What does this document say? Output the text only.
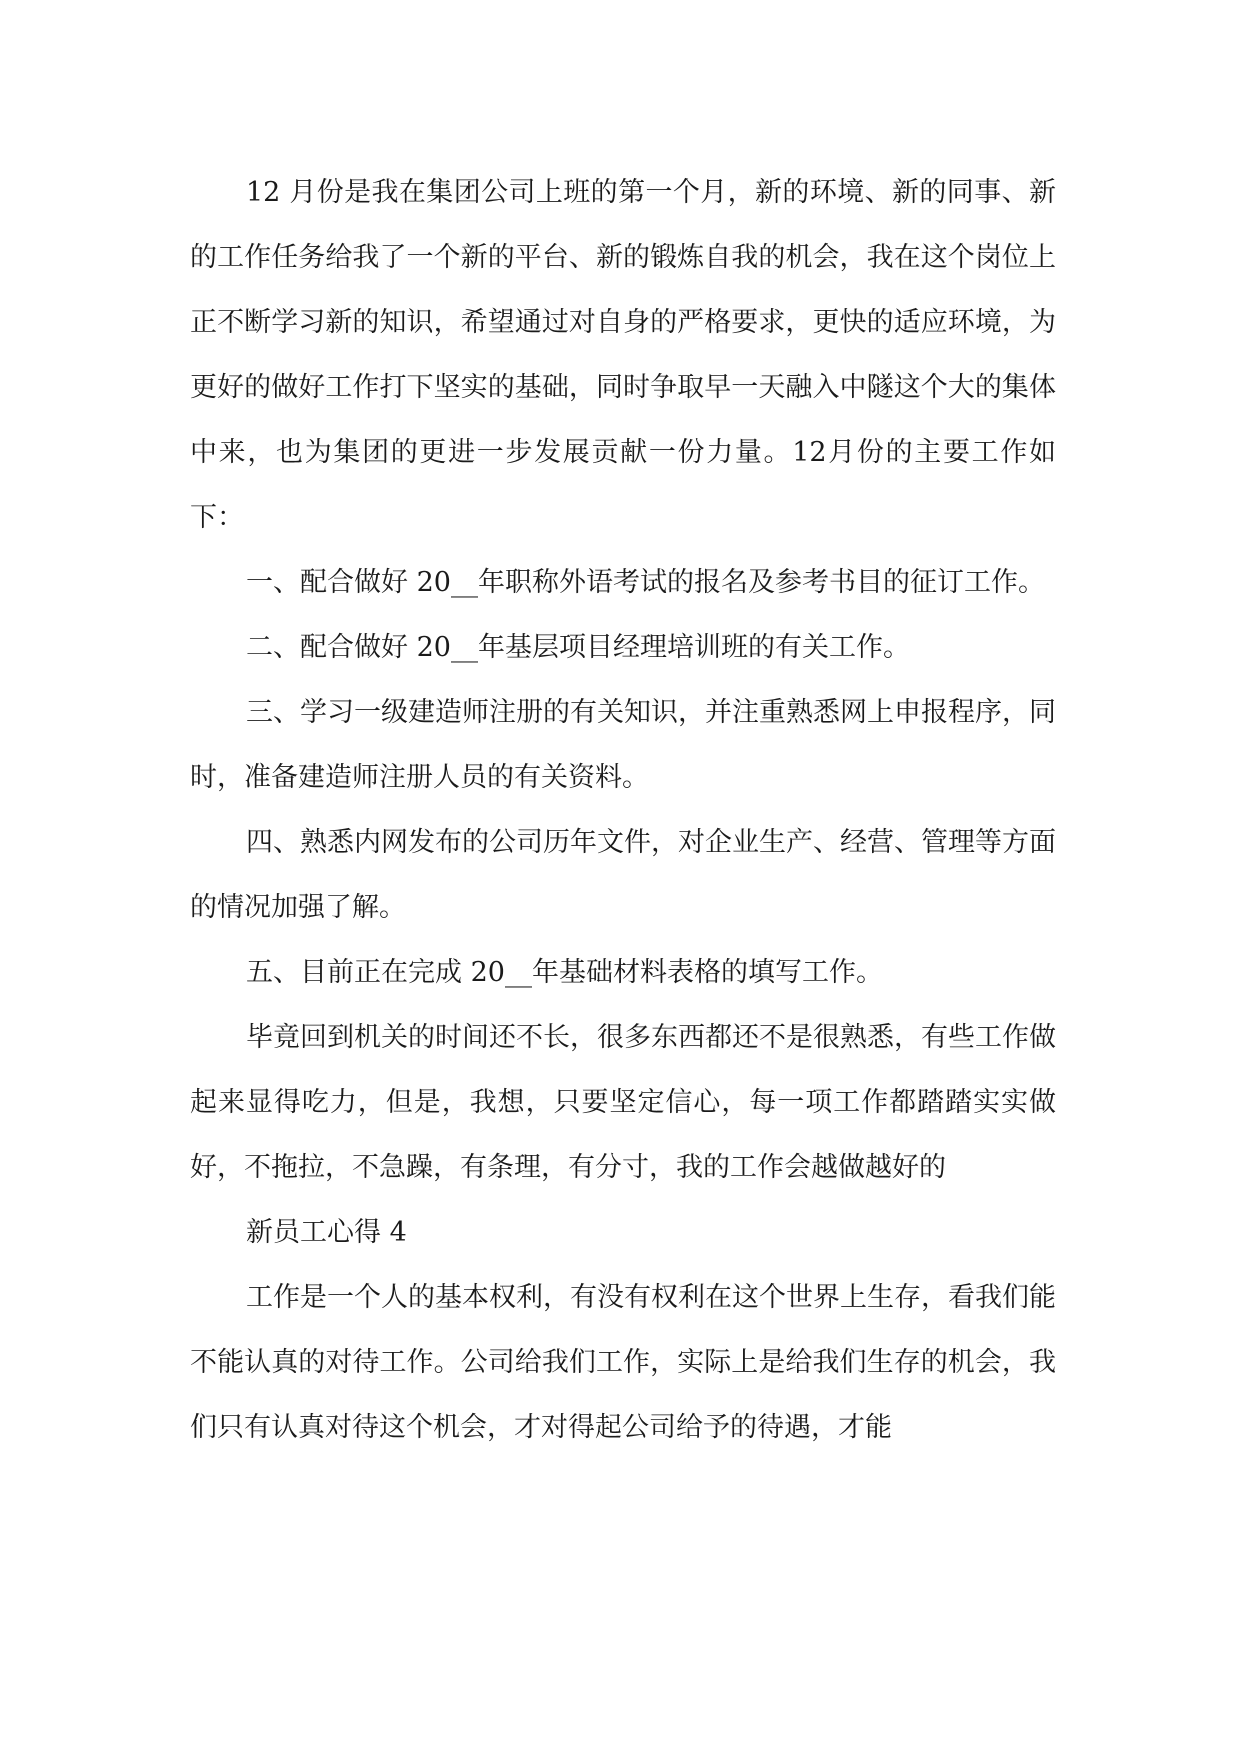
12 月份是我在集团公司上班的第一个月，新的环境、新的同事、新的工作任务给我了一个新的平台、新的锻炼自我的机会，我在这个岗位上正不断学习新的知识，希望通过对自身的严格要求，更快的适应环境，为更好的做好工作打下坚实的基础，同时争取早一天融入中隧这个大的集体中来，也为集团的更进一步发展贡献一份力量。12月份的主要工作如下：

一、配合做好 20__年职称外语考试的报名及参考书目的征订工作。

二、配合做好 20__年基层项目经理培训班的有关工作。

三、学习一级建造师注册的有关知识，并注重熟悉网上申报程序，同时，准备建造师注册人员的有关资料。

四、熟悉内网发布的公司历年文件，对企业生产、经营、管理等方面的情况加强了解。

五、目前正在完成 20__年基础材料表格的填写工作。

毕竟回到机关的时间还不长，很多东西都还不是很熟悉，有些工作做起来显得吃力，但是，我想，只要坚定信心，每一项工作都踏踏实实做好，不拖拉，不急躁，有条理，有分寸，我的工作会越做越好的

新员工心得 4

工作是一个人的基本权利，有没有权利在这个世界上生存，看我们能不能认真的对待工作。公司给我们工作，实际上是给我们生存的机会，我们只有认真对待这个机会，才对得起公司给予的待遇，才能
